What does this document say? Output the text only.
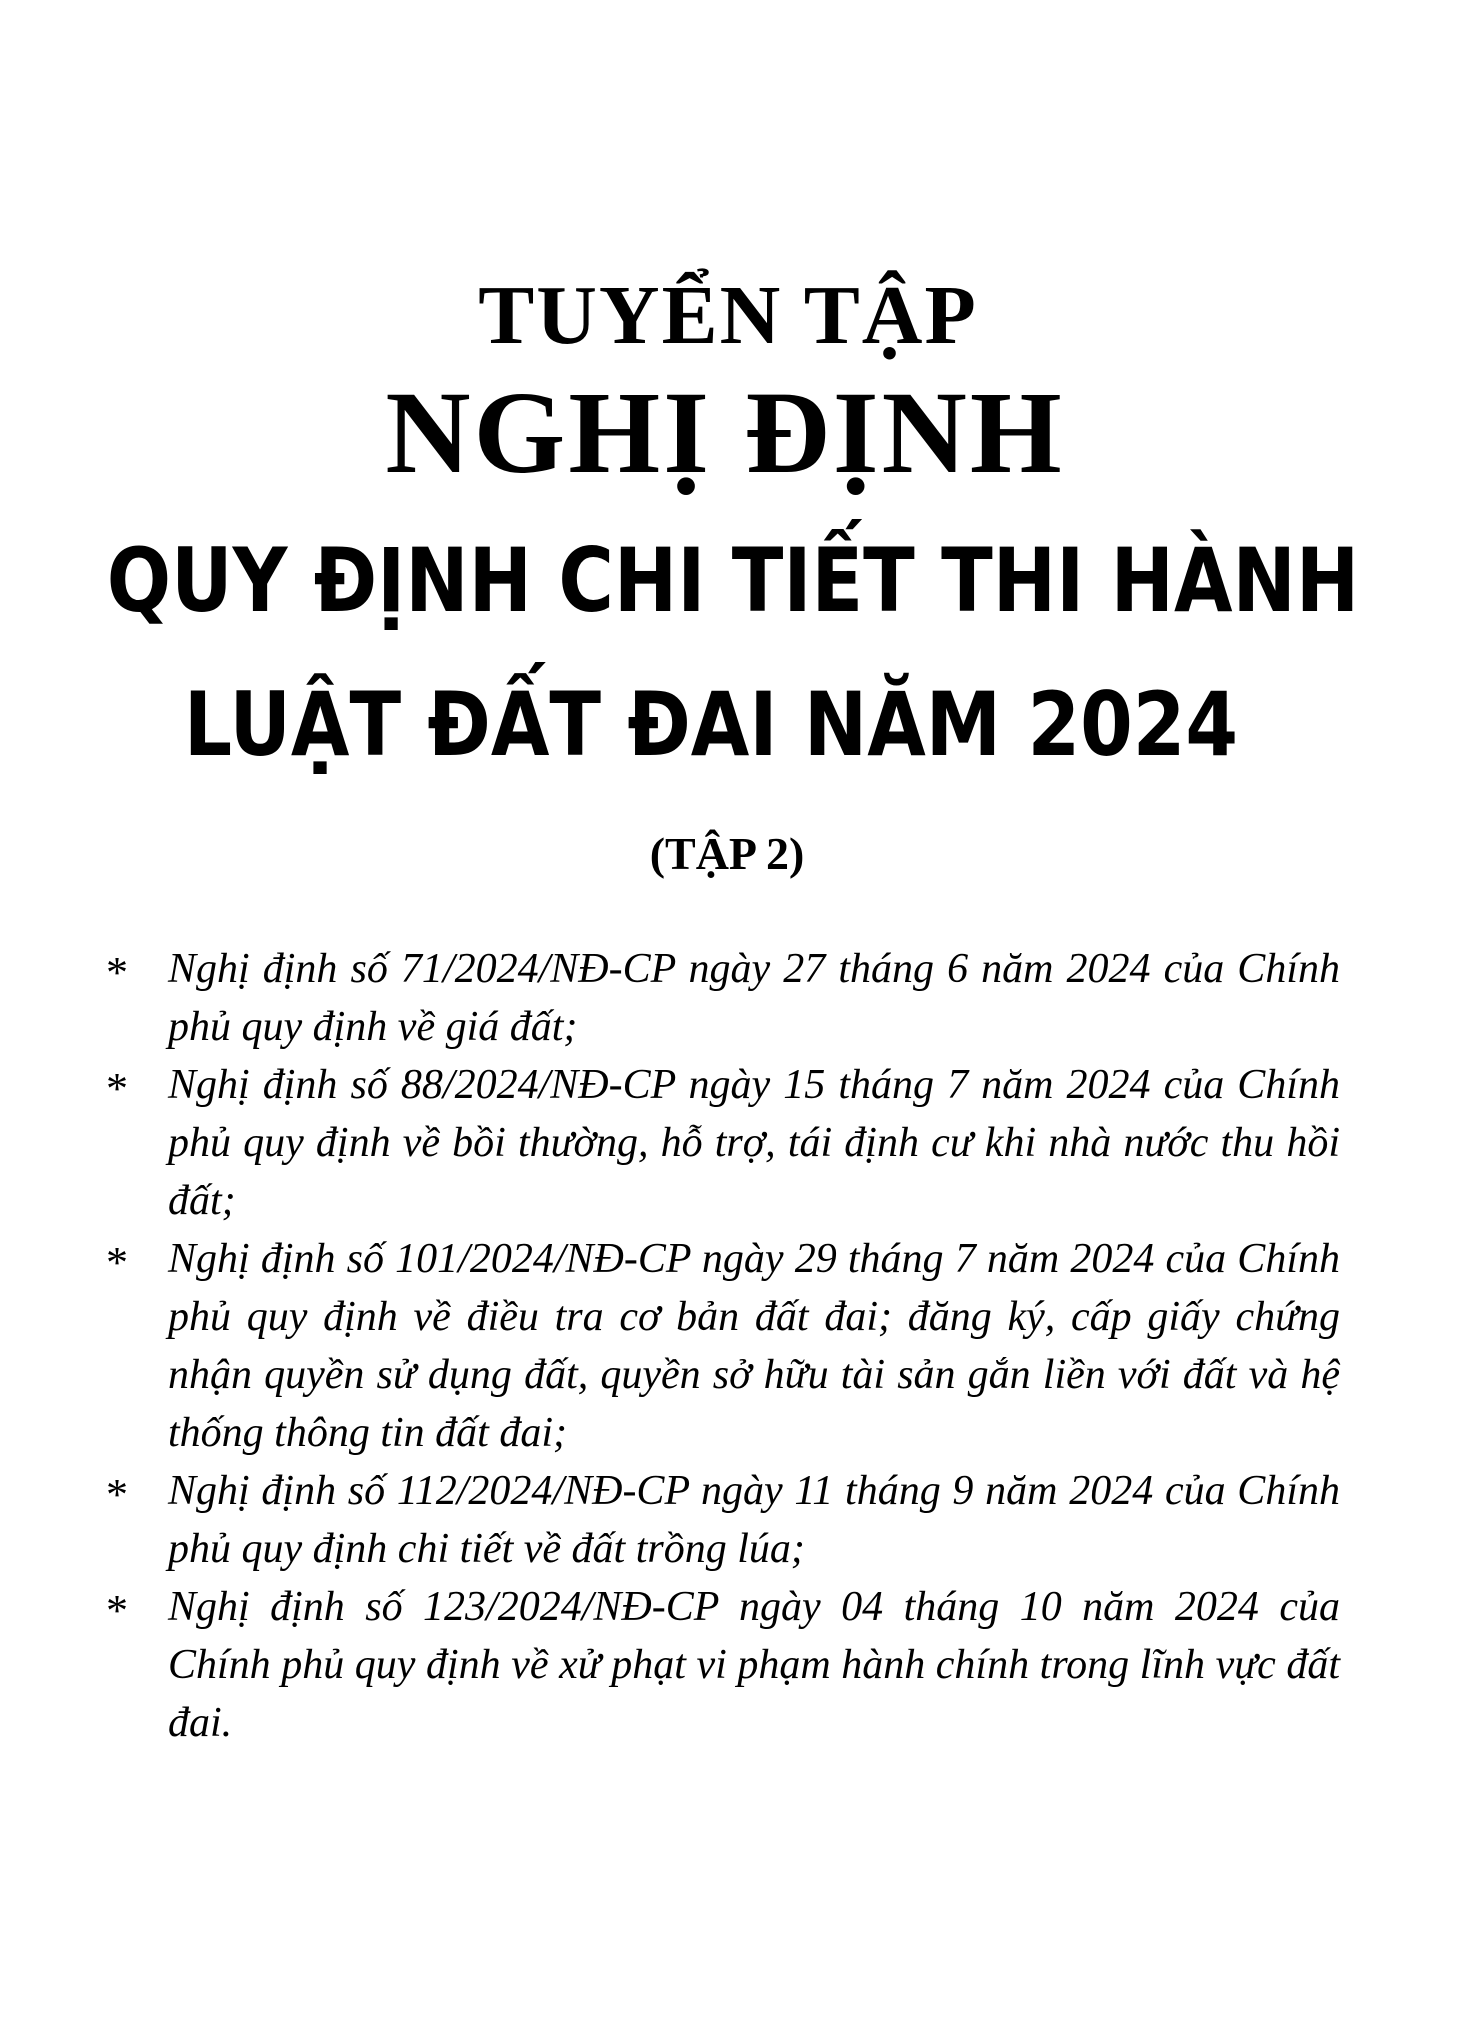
TUYỂN TẬP
NGHỊ ĐỊNH
QUY ĐỊNH CHI TIẾT THI HÀNH
LUẬT ĐẤT ĐAI NĂM 2024
(TẬP 2)
* Nghị định số 71/2024/NĐ-CP ngày 27 tháng 6 năm 2024 của Chính phủ quy định về giá đất;
* Nghị định số 88/2024/NĐ-CP ngày 15 tháng 7 năm 2024 của Chính phủ quy định về bồi thường, hỗ trợ, tái định cư khi nhà nước thu hồi đất;
* Nghị định số 101/2024/NĐ-CP ngày 29 tháng 7 năm 2024 của Chính phủ quy định về điều tra cơ bản đất đai; đăng ký, cấp giấy chứng nhận quyền sử dụng đất, quyền sở hữu tài sản gắn liền với đất và hệ thống thông tin đất đai;
* Nghị định số 112/2024/NĐ-CP ngày 11 tháng 9 năm 2024 của Chính phủ quy định chi tiết về đất trồng lúa;
* Nghị định số 123/2024/NĐ-CP ngày 04 tháng 10 năm 2024 của Chính phủ quy định về xử phạt vi phạm hành chính trong lĩnh vực đất đai.
